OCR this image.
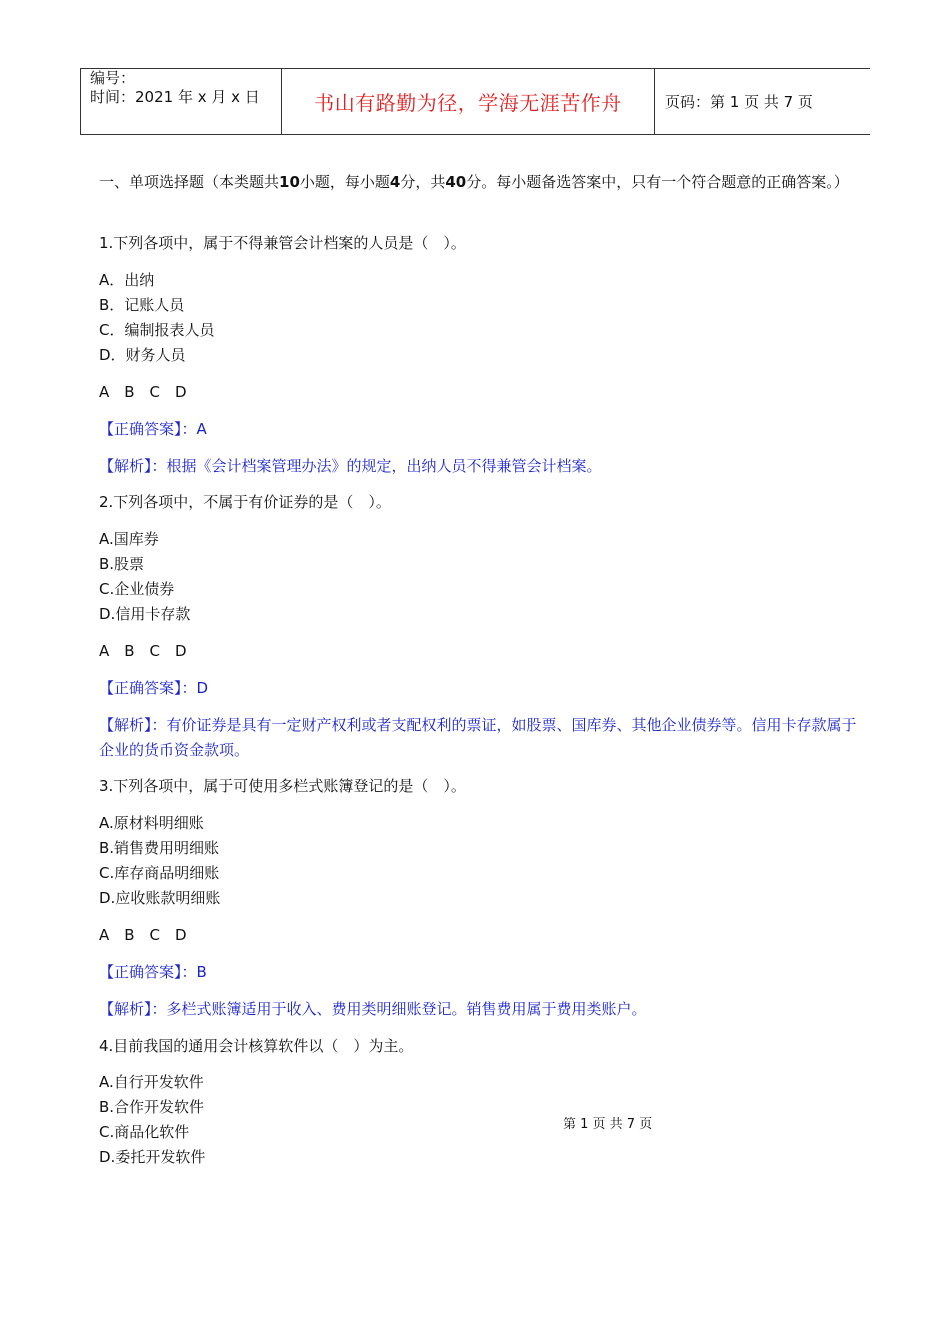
编号：
时间：2021 年 x 月 x 日	书山有路勤为径，学海无涯苦作舟	页码：第 1 页 共 7 页
一、单项选择题（本类题共10小题，每小题4分，共40分。每小题备选答案中，只有一个符合题意的正确答案。）
1.下列各项中，属于不得兼管会计档案的人员是（　）。
A．出纳
B．记账人员
C．编制报表人员
D．财务人员
A　B　C　D
【正确答案】：A
【解析】：根据《会计档案管理办法》的规定，出纳人员不得兼管会计档案。
2.下列各项中，不属于有价证券的是（　）。
A.国库券
B.股票
C.企业债券
D.信用卡存款
A　B　C　D
【正确答案】：D
【解析】：有价证券是具有一定财产权利或者支配权利的票证，如股票、国库券、其他企业债券等。信用卡存款属于企业的货币资金款项。
3.下列各项中，属于可使用多栏式账簿登记的是（　）。
A.原材料明细账
B.销售费用明细账
C.库存商品明细账
D.应收账款明细账
A　B　C　D
【正确答案】：B
【解析】：多栏式账簿适用于收入、费用类明细账登记。销售费用属于费用类账户。
4.目前我国的通用会计核算软件以（　）为主。
A.自行开发软件
B.合作开发软件
C.商品化软件
D.委托开发软件
第 1 页 共 7 页
